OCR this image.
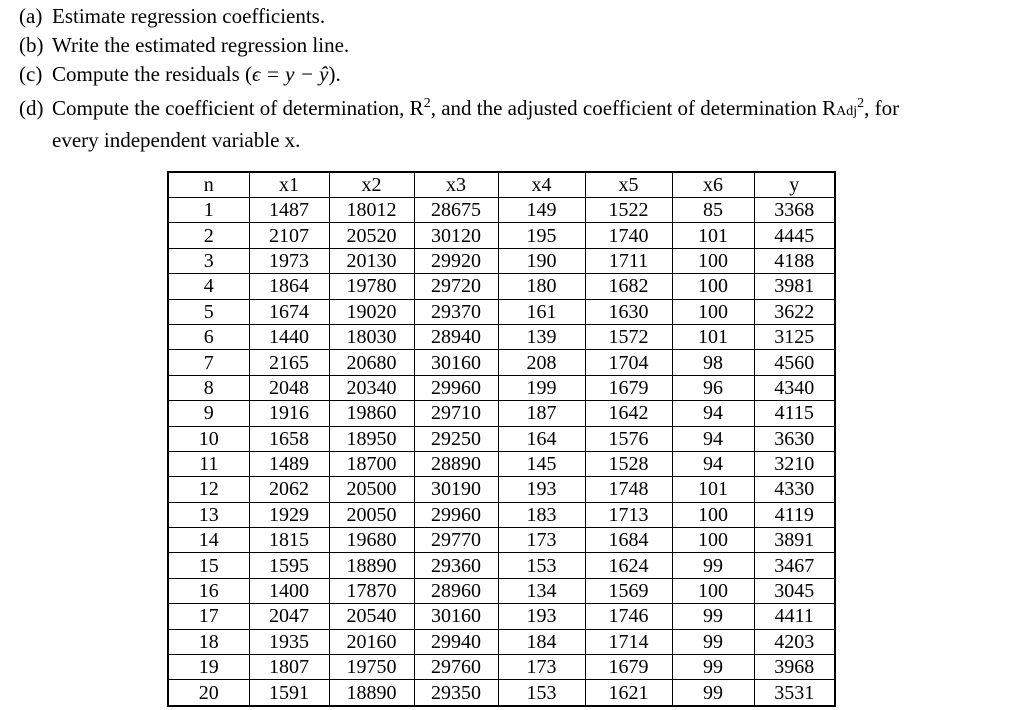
(a) Estimate regression coefficients.
(b) Write the estimated regression line.
(c) Compute the residuals (ϵ = y − ŷ).
(d) Compute the coefficient of determination, $R^2$, and the adjusted coefficient of determination RAdj$^2$, for
every independent variable x.
n	x1	x2	x3	x4	x5	x6	y
1	1487	18012	28675	149	1522	85	3368
2	2107	20520	30120	195	1740	101	4445
3	1973	20130	29920	190	1711	100	4188
4	1864	19780	29720	180	1682	100	3981
5	1674	19020	29370	161	1630	100	3622
6	1440	18030	28940	139	1572	101	3125
7	2165	20680	30160	208	1704	98	4560
8	2048	20340	29960	199	1679	96	4340
9	1916	19860	29710	187	1642	94	4115
10	1658	18950	29250	164	1576	94	3630
11	1489	18700	28890	145	1528	94	3210
12	2062	20500	30190	193	1748	101	4330
13	1929	20050	29960	183	1713	100	4119
14	1815	19680	29770	173	1684	100	3891
15	1595	18890	29360	153	1624	99	3467
16	1400	17870	28960	134	1569	100	3045
17	2047	20540	30160	193	1746	99	4411
18	1935	20160	29940	184	1714	99	4203
19	1807	19750	29760	173	1679	99	3968
20	1591	18890	29350	153	1621	99	3531
